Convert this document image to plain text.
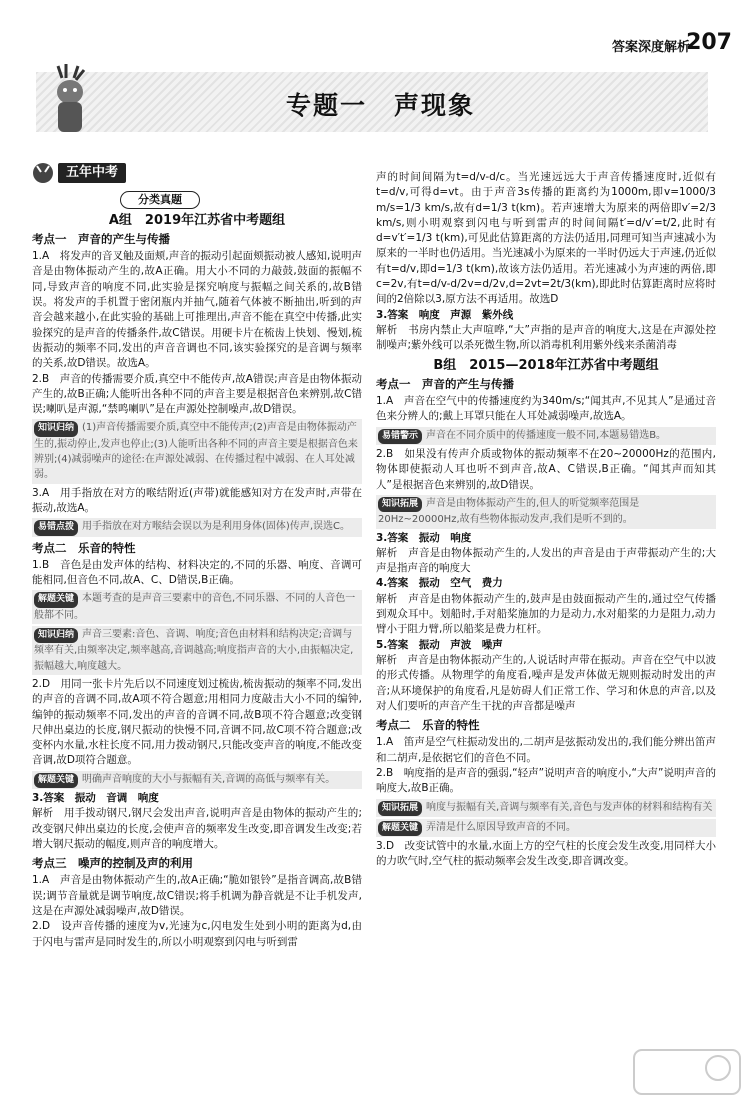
答案深度解析
207
专题一　声现象
五年中考
分类真题
A组　2019年江苏省中考题组
考点一　声音的产生与传播

1.A　将发声的音叉触及面颊,声音的振动引起面颊振动被人感知,说明声音是由物体振动产生的,故A正确。用大小不同的力敲鼓,鼓面的振幅不同,导致声音的响度不同,此实验是探究响度与振幅之间关系的,故B错误。将发声的手机置于密闭瓶内并抽气,随着气体被不断抽出,听到的声音会越来越小,在此实验的基础上可推理出,声音不能在真空中传播,此实验探究的是声音的传播条件,故C错误。用硬卡片在梳齿上快划、慢划,梳齿振动的频率不同,发出的声音音调也不同,该实验探究的是音调与频率的关系,故D错误。故选A。

2.B　声音的传播需要介质,真空中不能传声,故A错误;声音是由物体振动产生的,故B正确;人能听出各种不同的声音主要是根据音色来辨别,故C错误;喇叭是声源,“禁鸣喇叭”是在声源处控制噪声,故D错误。

知识归纳 (1)声音传播需要介质,真空中不能传声;(2)声音是由物体振动产生的,振动停止,发声也停止;(3)人能听出各种不同的声音主要是根据音色来辨别;(4)减弱噪声的途径:在声源处减弱、在传播过程中减弱、在人耳处减弱。

3.A　用手指放在对方的喉结附近(声带)就能感知对方在发声时,声带在振动,故选A。

易错点拨 用手指放在对方喉结会误以为是利用身体(固体)传声,误选C。
考点二　乐音的特性

1.B　音色是由发声体的结构、材料决定的,不同的乐器、响度、音调可能相同,但音色不同,故A、C、D错误,B正确。

解题关键 本题考查的是声音三要素中的音色,不同乐器、不同的人音色一般都不同。
知识归纳 声音三要素:音色、音调、响度;音色由材料和结构决定;音调与频率有关,由频率决定,频率越高,音调越高;响度指声音的大小,由振幅决定,振幅越大,响度越大。

2.D　用同一张卡片先后以不同速度划过梳齿,梳齿振动的频率不同,发出的声音的音调不同,故A项不符合题意;用相同力度敲击大小不同的编钟,编钟的振动频率不同,发出的声音的音调不同,故B项不符合题意;改变钢尺伸出桌边的长度,钢尺振动的快慢不同,音调不同,故C项不符合题意;改变杯内水量,水柱长度不同,用力拨动钢尺,只能改变声音的响度,不能改变音调,故D项符合题意。

解题关键 明确声音响度的大小与振幅有关,音调的高低与频率有关。

3.答案　振动　音调　响度

解析　用手拨动钢尺,钢尺会发出声音,说明声音是由物体的振动产生的;改变钢尺伸出桌边的长度,会使声音的频率发生改变,即音调发生改变;若增大钢尺振动的幅度,则声音的响度增大。

考点三　噪声的控制及声的利用

1.A　声音是由物体振动产生的,故A正确;“脆如银铃”是指音调高,故B错误;调节音量就是调节响度,故C错误;将手机调为静音就是不让手机发声,这是在声源处减弱噪声,故D错误。

2.D　设声音传播的速度为v,光速为c,闪电发生处到小明的距离为d,由于闪电与雷声是同时发生的,所以小明观察到闪电与听到雷

声的时间间隔为t=d/v-d/c。当光速远远大于声音传播速度时,近似有t=d/v,可得d=vt。由于声音3s传播的距离约为1000m,即v=1000/3 m/s=1/3 km/s,故有d=1/3 t(km)。若声速增大为原来的两倍即v′=2/3 km/s,则小明观察到闪电与听到雷声的时间间隔t′=d/v′=t/2,此时有d=v′t′=1/3 t(km),可见此估算距离的方法仍适用,同理可知当声速减小为原来的一半时也仍适用。当光速减小为原来的一半时仍远大于声速,仍近似有t=d/v,即d=1/3 t(km),故该方法仍适用。若光速减小为声速的两倍,即c=2v,有t=d/v-d/2v=d/2v,d=2vt=2t/3(km),即此时估算距离时应将时间的2倍除以3,原方法不再适用。故选D

3.答案　响度　声源　紫外线

解析　书房内禁止大声喧哗,“大”声指的是声音的响度大,这是在声源处控制噪声;紫外线可以杀死微生物,所以消毒机利用紫外线来杀菌消毒

B组　2015—2018年江苏省中考题组
考点一　声音的产生与传播

1.A　声音在空气中的传播速度约为340m/s;“闻其声,不见其人”是通过音色来分辨人的;戴上耳罩只能在人耳处减弱噪声,故选A。

易错警示 声音在不同介质中的传播速度一般不同,本题易错选B。

2.B　如果没有传声介质或物体的振动频率不在20~20000Hz的范围内,物体即使振动人耳也听不到声音,故A、C错误,B正确。“闻其声而知其人”是根据音色来辨别的,故D错误。

知识拓展 声音是由物体振动产生的,但人的听觉频率范围是20Hz~20000Hz,故有些物体振动发声,我们是听不到的。

3.答案　振动　响度

解析　声音是由物体振动产生的,人发出的声音是由于声带振动产生的;大声是指声音的响度大

4.答案　振动　空气　费力

解析　声音是由物体振动产生的,鼓声是由鼓面振动产生的,通过空气传播到观众耳中。划船时,手对船桨施加的力是动力,水对船桨的力是阻力,动力臂小于阻力臂,所以船桨是费力杠杆。

5.答案　振动　声波　噪声

解析　声音是由物体振动产生的,人说话时声带在振动。声音在空气中以波的形式传播。从物理学的角度看,噪声是发声体做无规则振动时发出的声音;从环境保护的角度看,凡是妨碍人们正常工作、学习和休息的声音,以及对人们要听的声音产生干扰的声音都是噪声

考点二　乐音的特性

1.A　笛声是空气柱振动发出的,二胡声是弦振动发出的,我们能分辨出笛声和二胡声,是依据它们的音色不同。

2.B　响度指的是声音的强弱,“轻声”说明声音的响度小,“大声”说明声音的响度大,故B正确。

知识拓展 响度与振幅有关,音调与频率有关,音色与发声体的材料和结构有关
解题关键 弄清是什么原因导致声音的不同。

3.D　改变试管中的水量,水面上方的空气柱的长度会发生改变,用同样大小的力吹气时,空气柱的振动频率会发生改变,即音调改变。
